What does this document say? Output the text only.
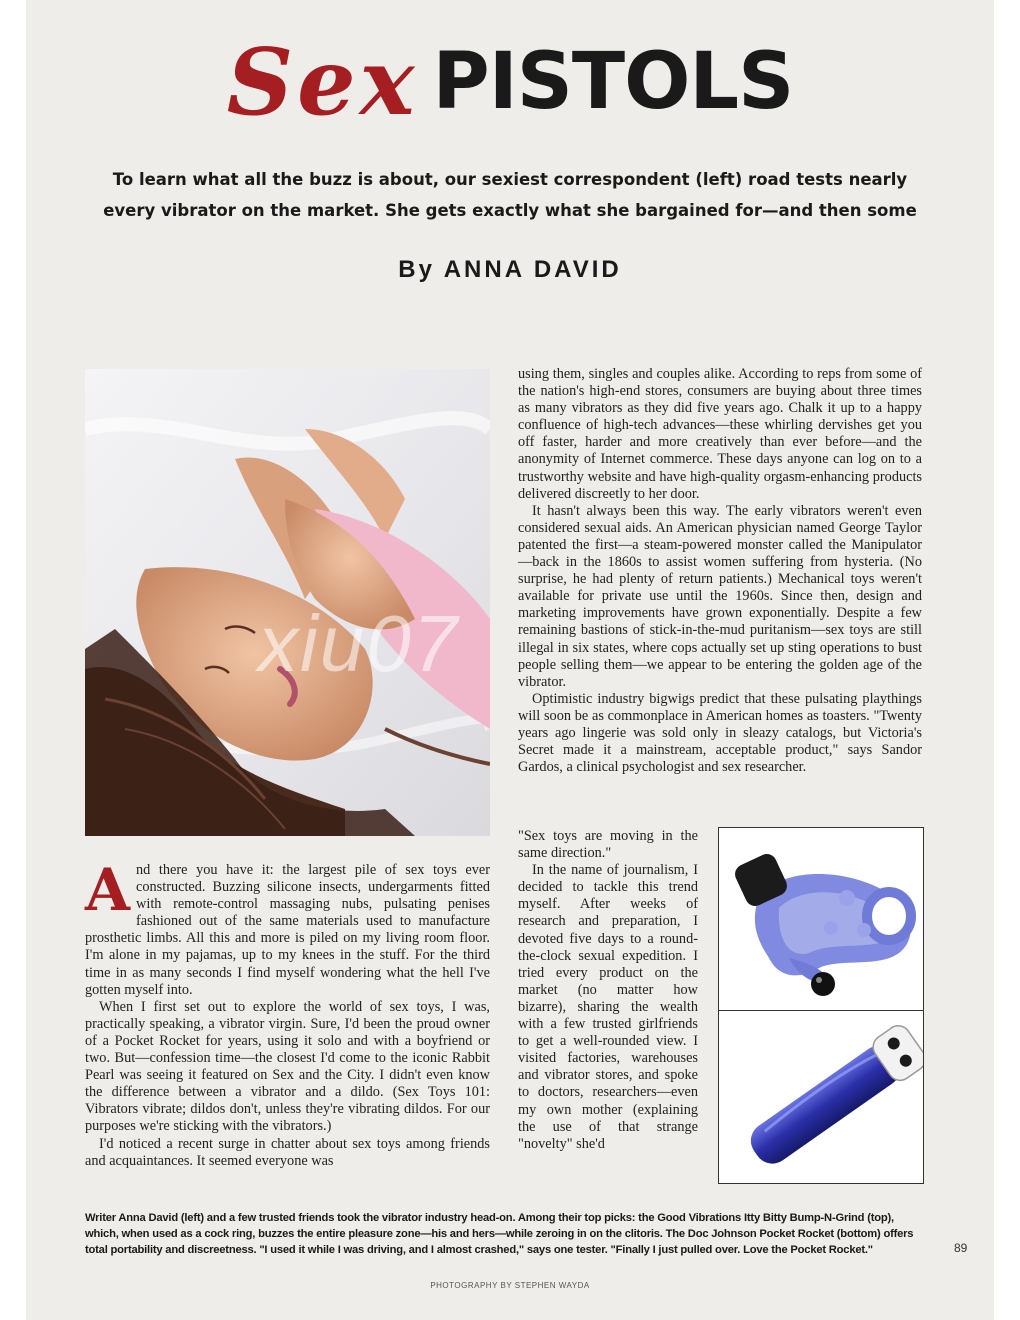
Sex PISTOLS
To learn what all the buzz is about, our sexiest correspondent (left) road tests nearly every vibrator on the market. She gets exactly what she bargained for—and then some
By ANNA DAVID

using them, singles and couples alike. According to reps from some of the nation's high-end stores, consumers are buying about three times as many vibrators as they did five years ago. Chalk it up to a happy confluence of high-tech advances—these whirling dervishes get you off faster, harder and more creatively than ever before—and the anonymity of Internet commerce. These days anyone can log on to a trustworthy website and have high-quality orgasm-enhancing products delivered discreetly to her door.

It hasn't always been this way. The early vibrators weren't even considered sexual aids. An American physician named George Taylor patented the first—a steam-powered monster called the Manipulator—back in the 1860s to assist women suffering from hysteria. (No surprise, he had plenty of return patients.) Mechanical toys weren't available for private use until the 1960s. Since then, design and marketing improvements have grown exponentially. Despite a few remaining bastions of stick-in-the-mud puritanism—sex toys are still illegal in six states, where cops actually set up sting operations to bust people selling them—we appear to be entering the golden age of the vibrator.

Optimistic industry bigwigs predict that these pulsating playthings will soon be as commonplace in American homes as toasters. "Twenty years ago lingerie was sold only in sleazy catalogs, but Victoria's Secret made it a mainstream, acceptable product," says Sandor Gardos, a clinical psychologist and sex researcher.

"Sex toys are moving in the same direction."

In the name of journalism, I decided to tackle this trend myself. After weeks of research and preparation, I devoted five days to a round-the-clock sexual expedition. I tried every product on the market (no matter how bizarre), sharing the wealth with a few trusted girlfriends to get a well-rounded view. I visited factories, warehouses and vibrator stores, and spoke to doctors, researchers—even my own mother (explaining the use of that strange "novelty" she'd

And there you have it: the largest pile of sex toys ever constructed. Buzzing silicone insects, undergarments fitted with remote-control massaging nubs, pulsating penises fashioned out of the same materials used to manufacture prosthetic limbs. All this and more is piled on my living room floor. I'm alone in my pajamas, up to my knees in the stuff. For the third time in as many seconds I find myself wondering what the hell I've gotten myself into.

When I first set out to explore the world of sex toys, I was, practically speaking, a vibrator virgin. Sure, I'd been the proud owner of a Pocket Rocket for years, using it solo and with a boyfriend or two. But—confession time—the closest I'd come to the iconic Rabbit Pearl was seeing it featured on Sex and the City. I didn't even know the difference between a vibrator and a dildo. (Sex Toys 101: Vibrators vibrate; dildos don't, unless they're vibrating dildos. For our purposes we're sticking with the vibrators.)

I'd noticed a recent surge in chatter about sex toys among friends and acquaintances. It seemed everyone was

Writer Anna David (left) and a few trusted friends took the vibrator industry head-on. Among their top picks: the Good Vibrations Itty Bitty Bump-N-Grind (top), which, when used as a cock ring, buzzes the entire pleasure zone—his and hers—while zeroing in on the clitoris. The Doc Johnson Pocket Rocket (bottom) offers total portability and discreetness. "I used it while I was driving, and I almost crashed," says one tester. "Finally I just pulled over. Love the Pocket Rocket."	89
PHOTOGRAPHY BY STEPHEN WAYDA
xiu07
